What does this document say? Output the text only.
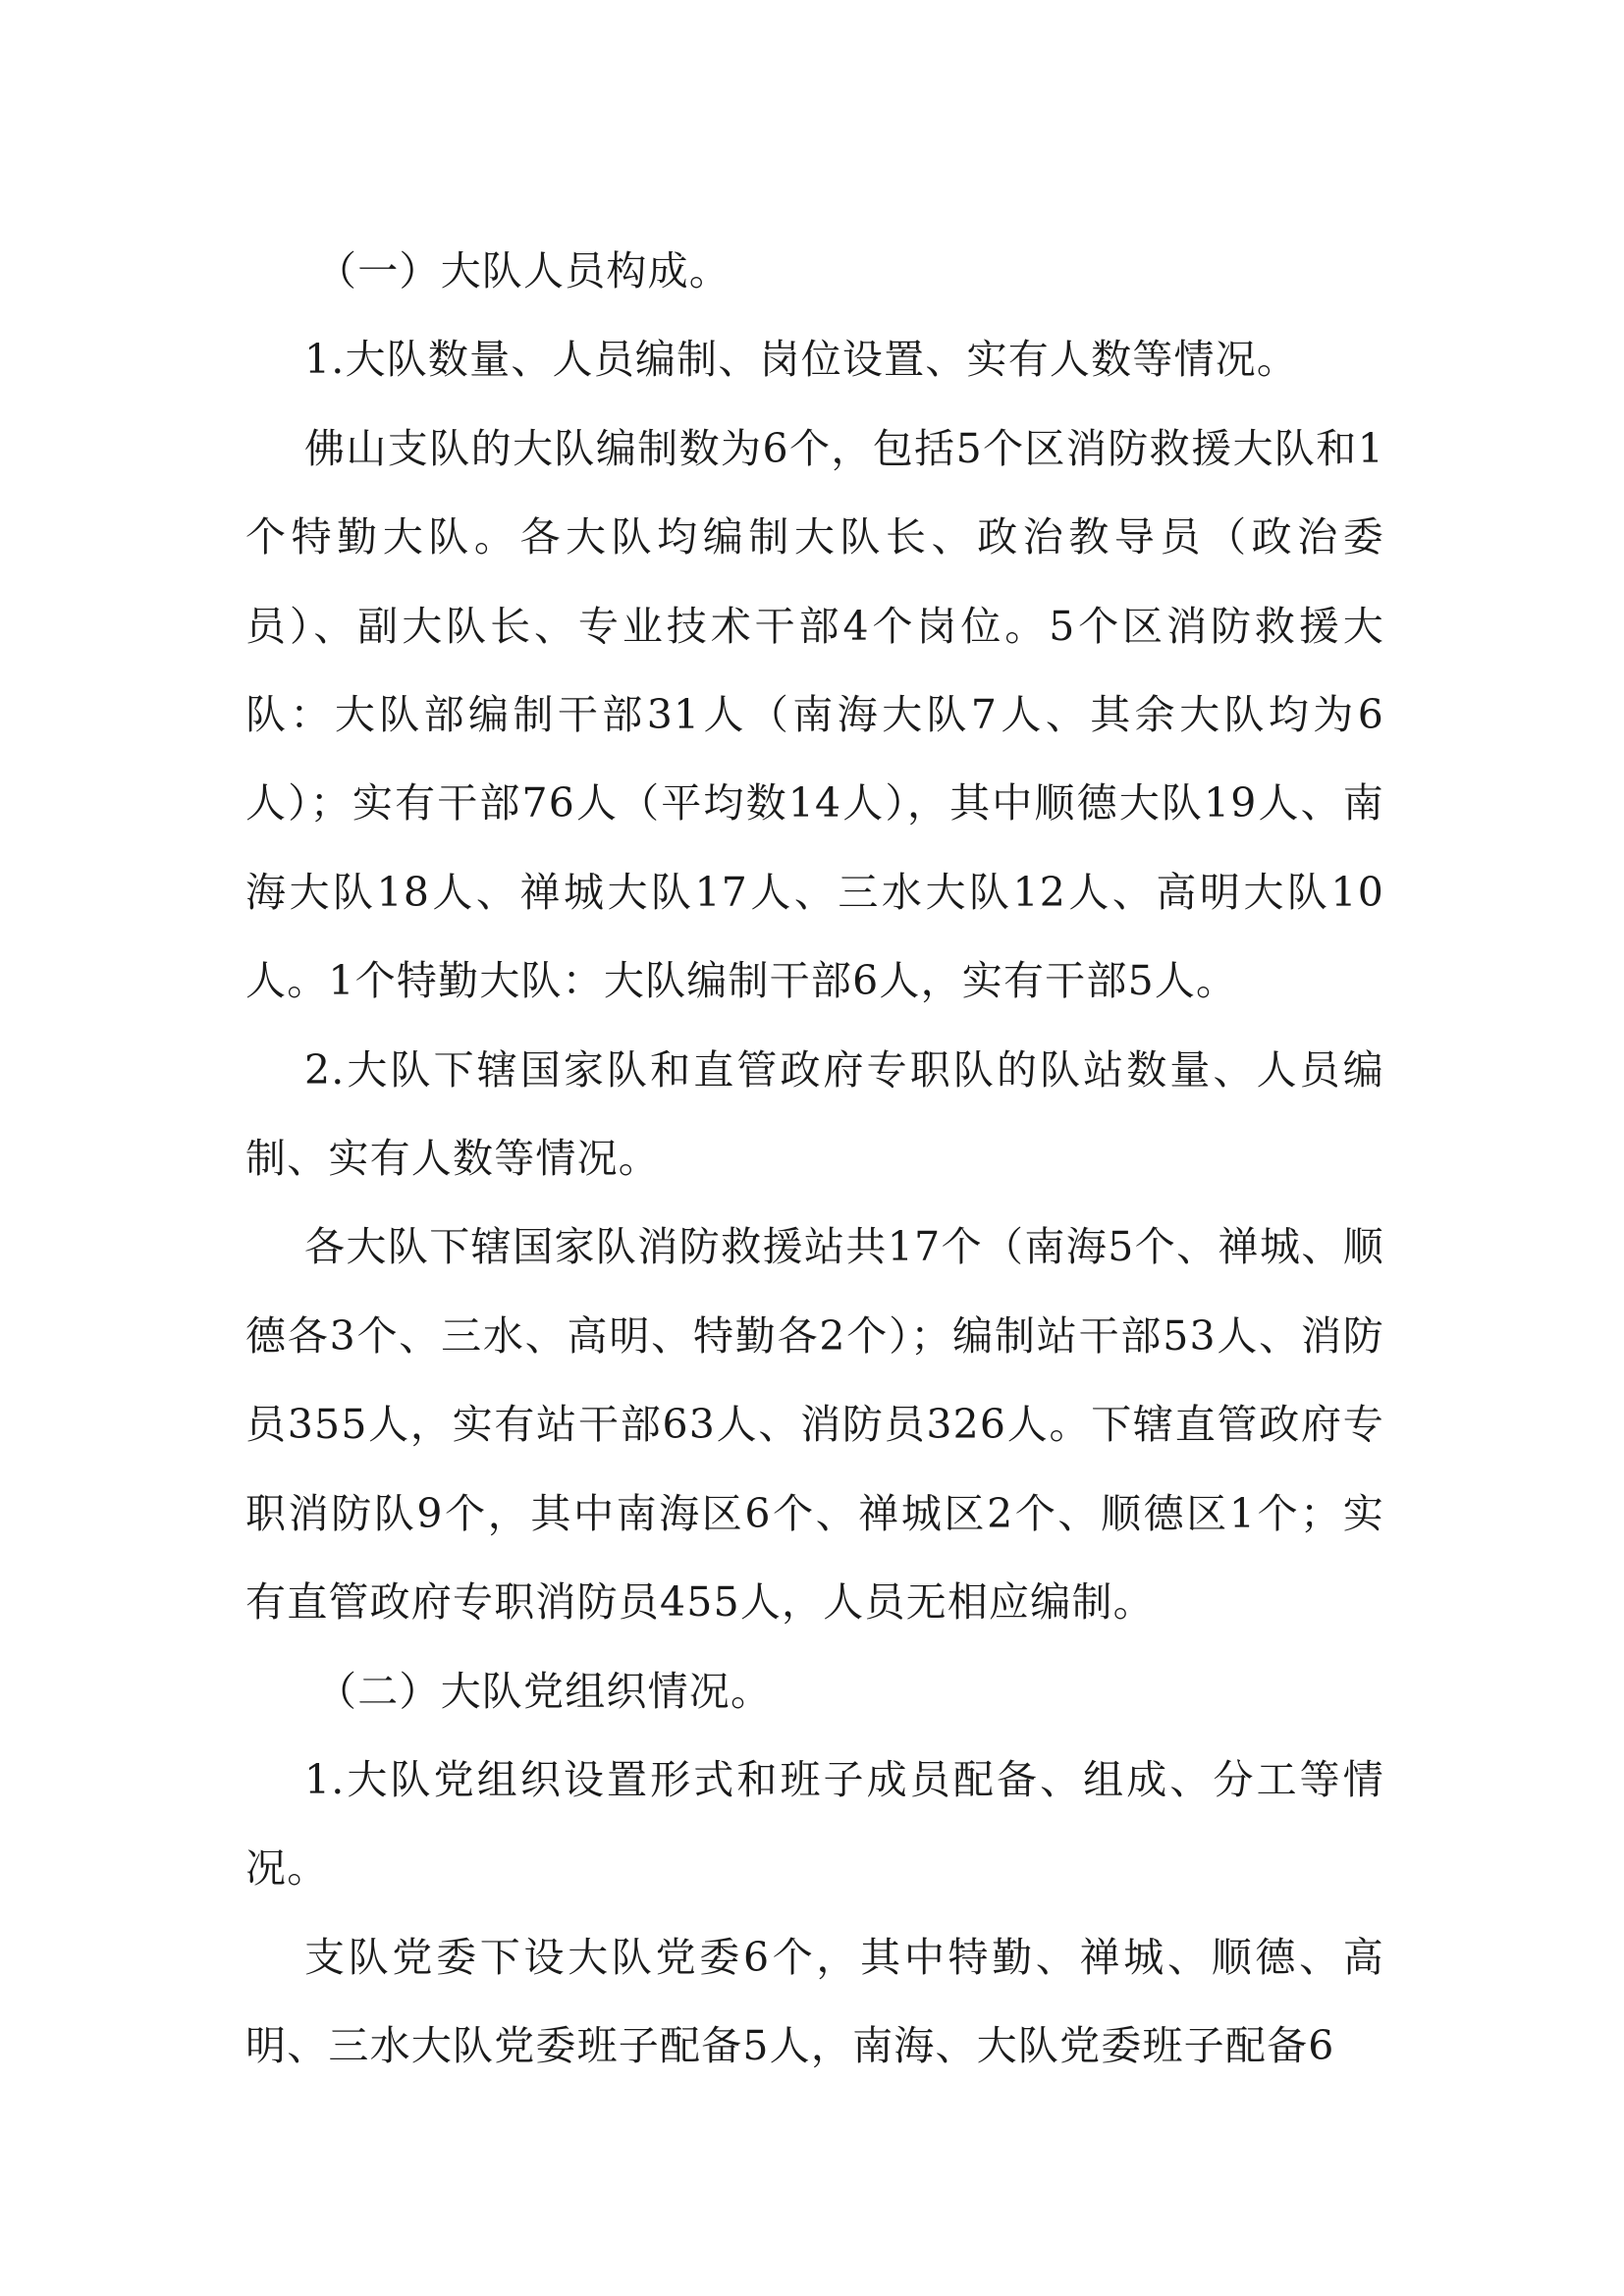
（一）大队人员构成。

1.大队数量、人员编制、岗位设置、实有人数等情况。

佛山支队的大队编制数为6个，包括5个区消防救援大队和1个特勤大队。各大队均编制大队长、政治教导员（政治委员）、副大队长、专业技术干部4个岗位。5个区消防救援大队：大队部编制干部31人（南海大队7人、其余大队均为6人）；实有干部76人（平均数14人），其中顺德大队19人、南海大队18人、禅城大队17人、三水大队12人、高明大队10人。1个特勤大队：大队编制干部6人，实有干部5人。

2.大队下辖国家队和直管政府专职队的队站数量、人员编制、实有人数等情况。

各大队下辖国家队消防救援站共17个（南海5个、禅城、顺德各3个、三水、高明、特勤各2个）；编制站干部53人、消防员355人，实有站干部63人、消防员326人。下辖直管政府专职消防队9个，其中南海区6个、禅城区2个、顺德区1个；实有直管政府专职消防员455人，人员无相应编制。

（二）大队党组织情况。

1.大队党组织设置形式和班子成员配备、组成、分工等情况。

支队党委下设大队党委6个，其中特勤、禅城、顺德、高明、三水大队党委班子配备5人，南海、大队党委班子配备6
